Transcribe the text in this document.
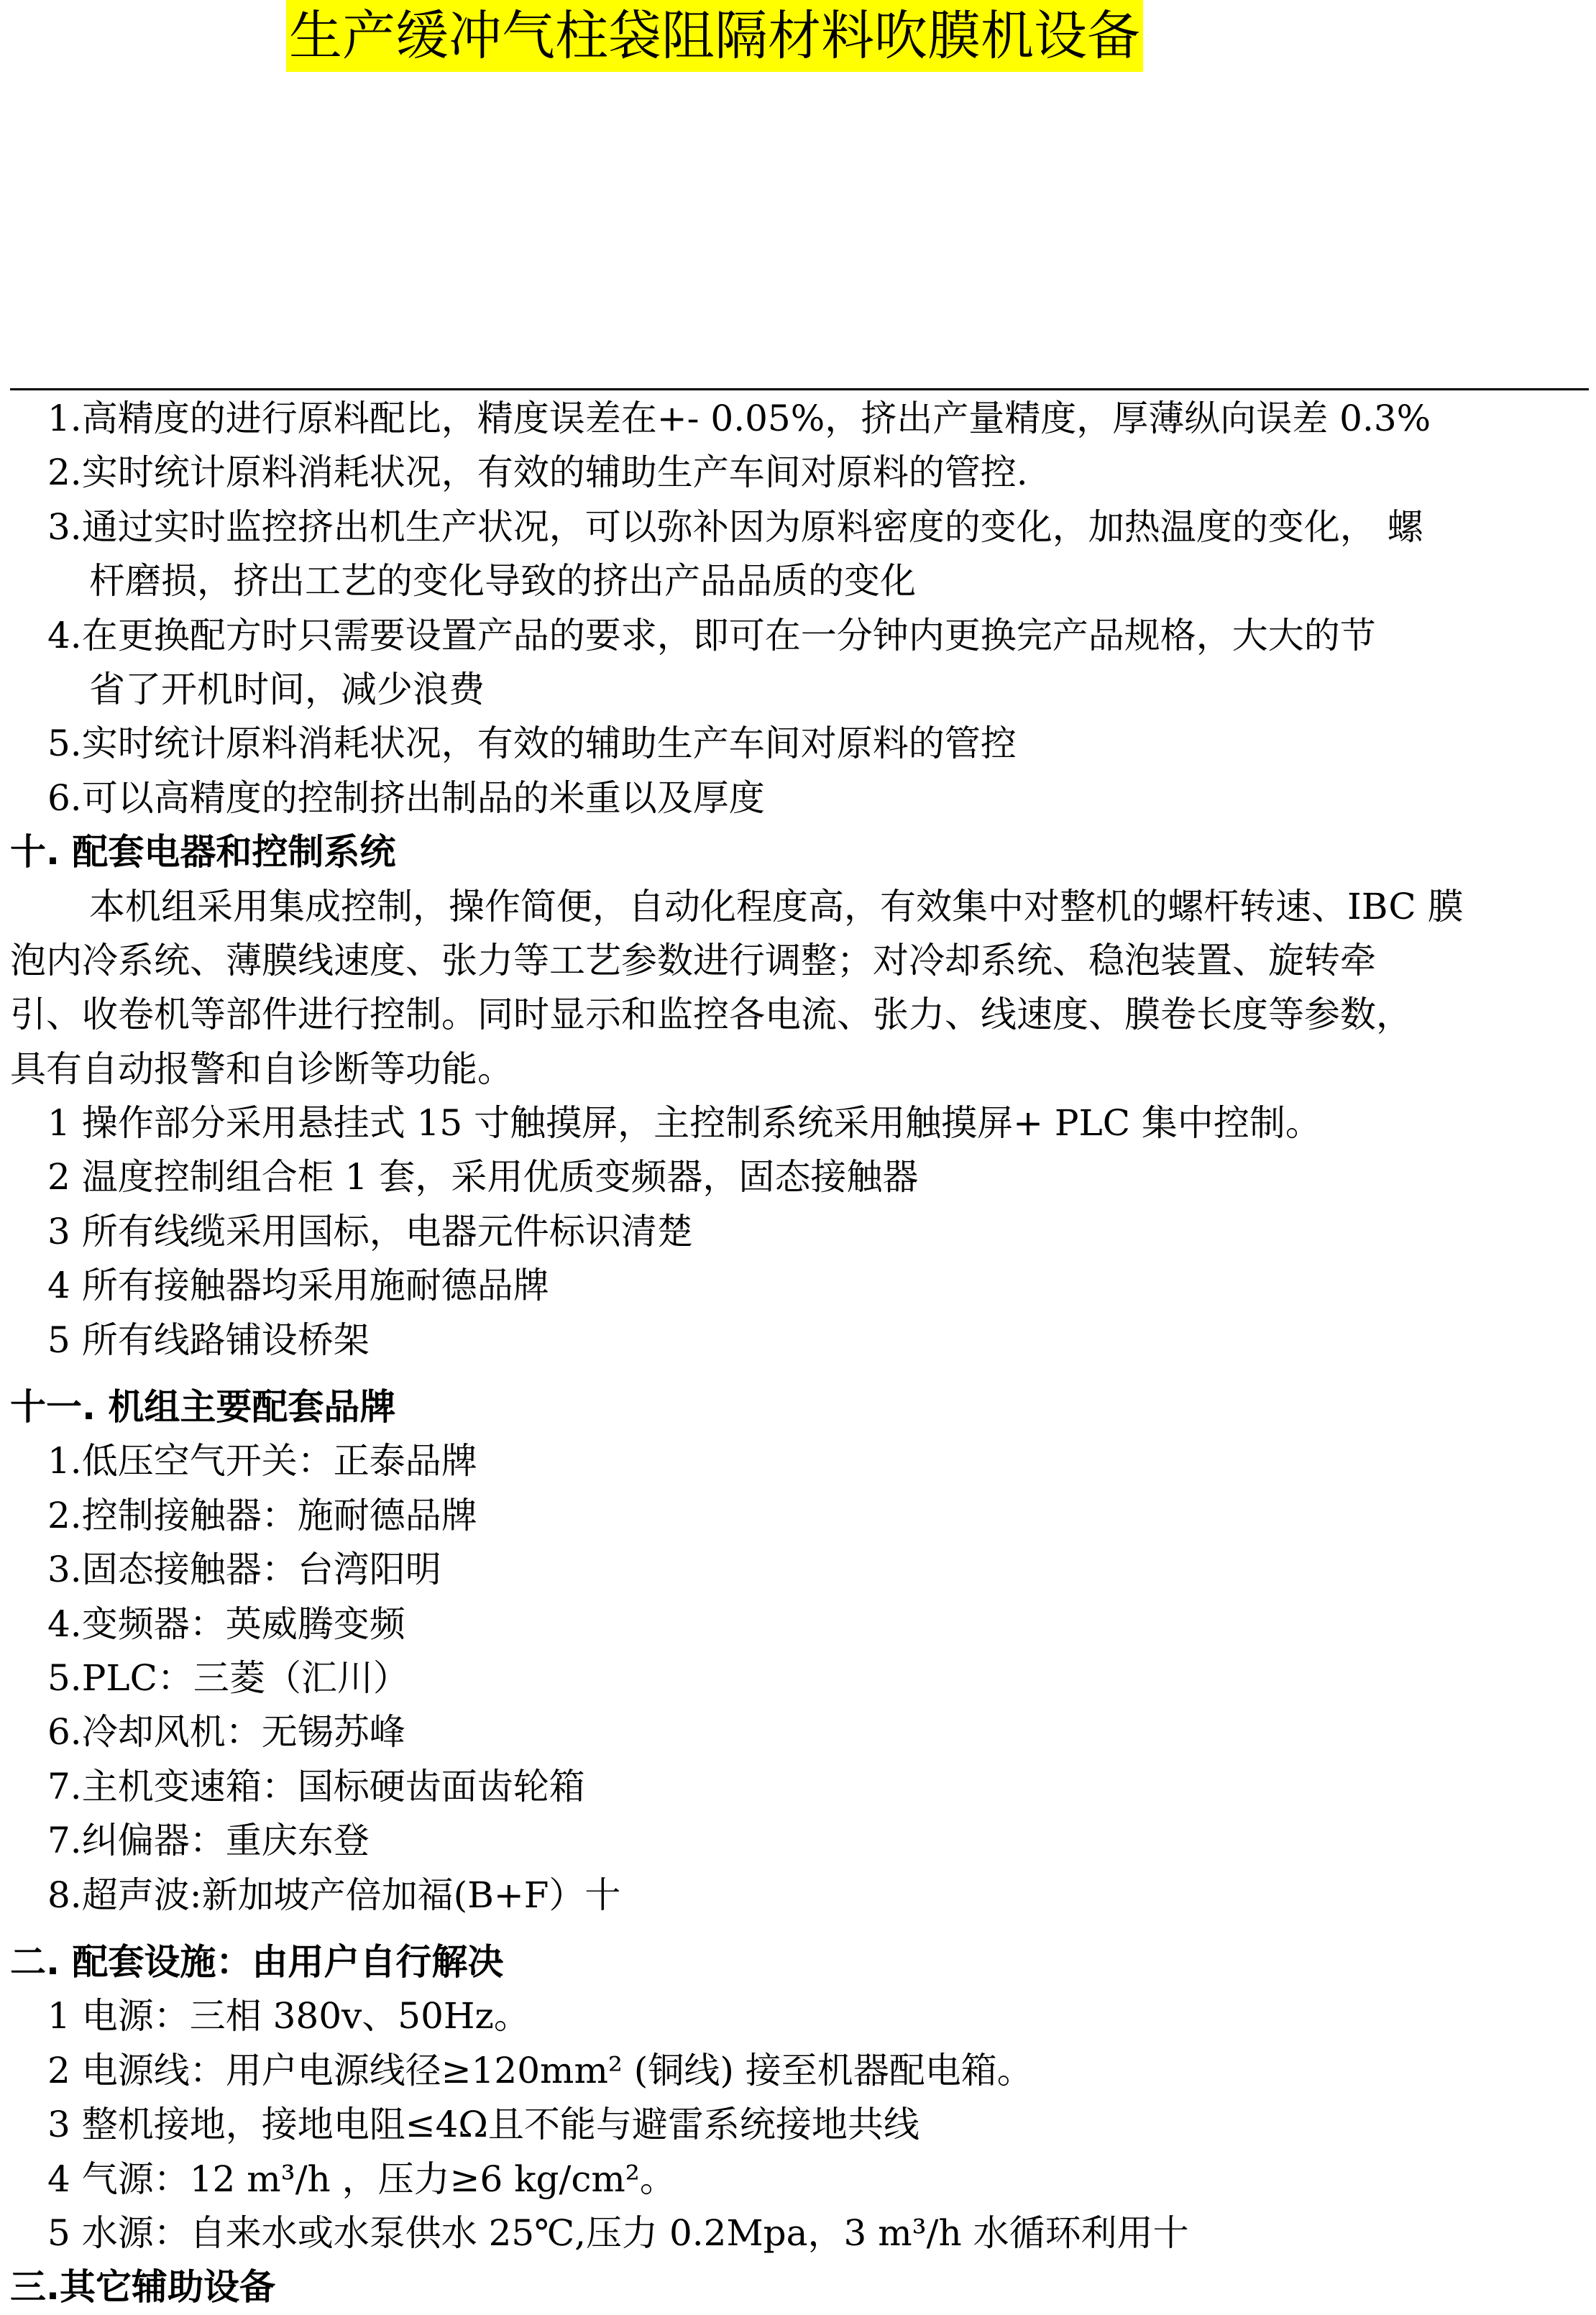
生产缓冲气柱袋阻隔材料吹膜机设备
1.高精度的进行原料配比，精度误差在+- 0.05%，挤出产量精度，厚薄纵向误差 0.3%
2.实时统计原料消耗状况，有效的辅助生产车间对原料的管控.
3.通过实时监控挤出机生产状况，可以弥补因为原料密度的变化，加热温度的变化， 螺
杆磨损，挤出工艺的变化导致的挤出产品品质的变化
4.在更换配方时只需要设置产品的要求，即可在一分钟内更换完产品规格，大大的节
省了开机时间，减少浪费
5.实时统计原料消耗状况，有效的辅助生产车间对原料的管控
6.可以高精度的控制挤出制品的米重以及厚度
十. 配套电器和控制系统
本机组采用集成控制，操作简便，自动化程度高，有效集中对整机的螺杆转速、IBC 膜
泡内冷系统、薄膜线速度、张力等工艺参数进行调整；对冷却系统、稳泡装置、旋转牵
引、收卷机等部件进行控制。同时显示和监控各电流、张力、线速度、膜卷长度等参数，
具有自动报警和自诊断等功能。
1 操作部分采用悬挂式 15 寸触摸屏，主控制系统采用触摸屏+ PLC 集中控制。
2 温度控制组合柜 1 套，采用优质变频器，固态接触器
3 所有线缆采用国标，电器元件标识清楚
4 所有接触器均采用施耐德品牌
5 所有线路铺设桥架
十一. 机组主要配套品牌
1.低压空气开关：正泰品牌
2.控制接触器：施耐德品牌
3.固态接触器：台湾阳明
4.变频器：英威腾变频
5.PLC：三菱（汇川）
6.冷却风机：无锡苏峰
7.主机变速箱：国标硬齿面齿轮箱
7.纠偏器：重庆东登
8.超声波:新加坡产倍加福(B+F）十
二. 配套设施：由用户自行解决
1 电源：三相 380v、50Hz。
2 电源线：用户电源线径≥120mm² (铜线) 接至机器配电箱。
3 整机接地，接地电阻≤4Ω且不能与避雷系统接地共线
4 气源：12 m³/h ，压力≥6 kg/cm²。
5 水源：自来水或水泵供水 25℃,压力 0.2Mpa，3 m³/h 水循环利用十
三.其它辅助设备
